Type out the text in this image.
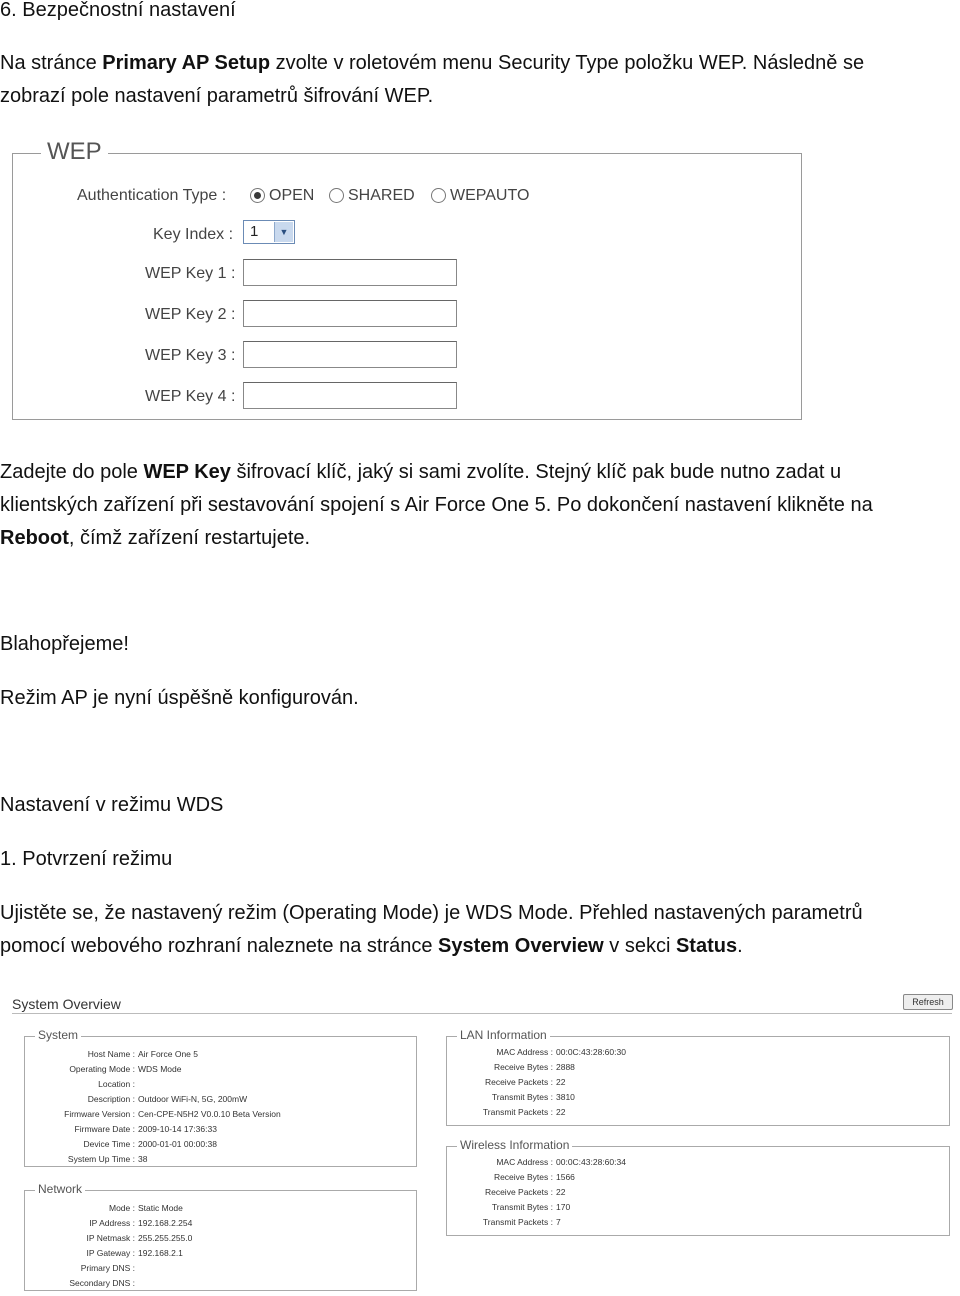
6. Bezpečnostní nastavení
Na stránce Primary AP Setup zvolte v roletovém menu Security Type položku WEP. Následně se
zobrazí pole nastavení parametrů šifrování WEP.
WEP
Authentication Type :	OPEN	SHARED	WEPAUTO
Key Index : 1	▼
WEP Key 1 :
WEP Key 2 :
WEP Key 3 :
WEP Key 4 :
Zadejte do pole WEP Key šifrovací klíč, jaký si sami zvolíte. Stejný klíč pak bude nutno zadat u
klientských zařízení při sestavování spojení s Air Force One 5. Po dokončení nastavení klikněte na
Reboot, čímž zařízení restartujete.
Blahopřejeme!
Režim AP je nyní úspěšně konfigurován.
Nastavení v režimu WDS
1. Potvrzení režimu
Ujistěte se, že nastavený režim (Operating Mode) je WDS Mode. Přehled nastavených parametrů
pomocí webového rozhraní naleznete na stránce System Overview v sekci Status.
System Overview	Refresh
System
Host Name : Air Force One 5
Operating Mode : WDS Mode
Location :
Description : Outdoor WiFi-N, 5G, 200mW
Firmware Version : Cen-CPE-N5H2 V0.0.10 Beta Version
Firmware Date : 2009-10-14 17:36:33
Device Time : 2000-01-01 00:00:38
System Up Time : 38
Network
Mode : Static Mode
IP Address : 192.168.2.254
IP Netmask : 255.255.255.0
IP Gateway : 192.168.2.1
Primary DNS :
Secondary DNS :
LAN Information
MAC Address : 00:0C:43:28:60:30
Receive Bytes : 2888
Receive Packets : 22
Transmit Bytes : 3810
Transmit Packets : 22
Wireless Information
MAC Address : 00:0C:43:28:60:34
Receive Bytes : 1566
Receive Packets : 22
Transmit Bytes : 170
Transmit Packets : 7
